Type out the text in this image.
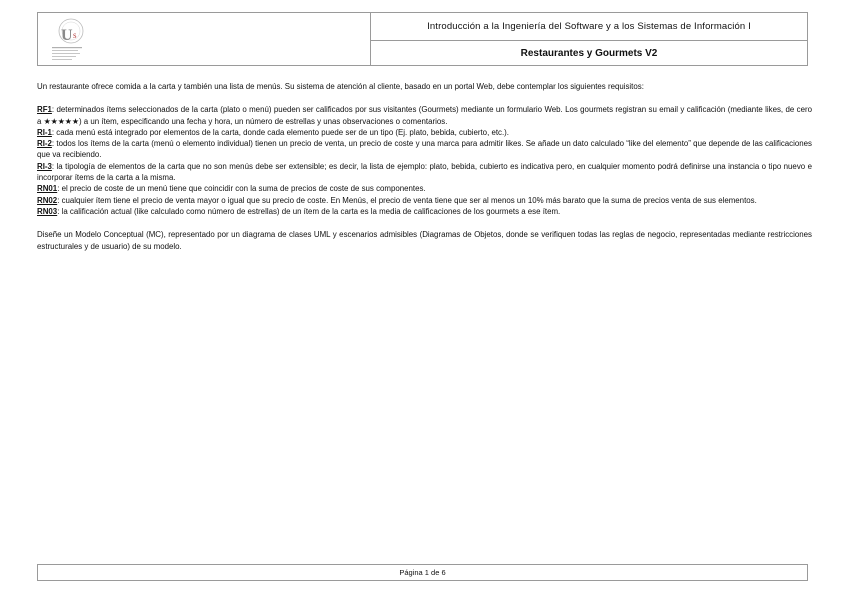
U s
Introducción a la Ingeniería del Software y a los Sistemas de Información I
Restaurantes y Gourmets V2

Un restaurante ofrece comida a la carta y también una lista de menús. Su sistema de atención al cliente, basado en un portal Web, debe contemplar los siguientes requisitos:

RF1: determinados ítems seleccionados de la carta (plato o menú) pueden ser calificados por sus visitantes (Gourmets) mediante un formulario Web. Los gourmets registran su email y calificación (mediante likes, de cero a ★★★★★) a un ítem, especificando una fecha y hora, un número de estrellas y unas observaciones o comentarios.

RI-1: cada menú está integrado por elementos de la carta, donde cada elemento puede ser de un tipo (Ej. plato, bebida, cubierto, etc.).

RI-2: todos los ítems de la carta (menú o elemento individual) tienen un precio de venta, un precio de coste y una marca para admitir likes. Se añade un dato calculado “like del elemento” que depende de las calificaciones que va recibiendo.

RI-3: la tipología de elementos de la carta que no son menús debe ser extensible; es decir, la lista de ejemplo: plato, bebida, cubierto es indicativa pero, en cualquier momento podrá definirse una instancia o tipo nuevo e incorporar ítems de la carta a la misma.

RN01: el precio de coste de un menú tiene que coincidir con la suma de precios de coste de sus componentes.

RN02: cualquier ítem tiene el precio de venta mayor o igual que su precio de coste. En Menús, el precio de venta tiene que ser al menos un 10% más barato que la suma de precios venta de sus elementos.

RN03: la calificación actual (like calculado como número de estrellas) de un ítem de la carta es la media de calificaciones de los gourmets a ese ítem.

Diseñe un Modelo Conceptual (MC), representado por un diagrama de clases UML y escenarios admisibles (Diagramas de Objetos, donde se verifiquen todas las reglas de negocio, representadas mediante restricciones estructurales y de usuario) de su modelo.

Página 1 de 6
